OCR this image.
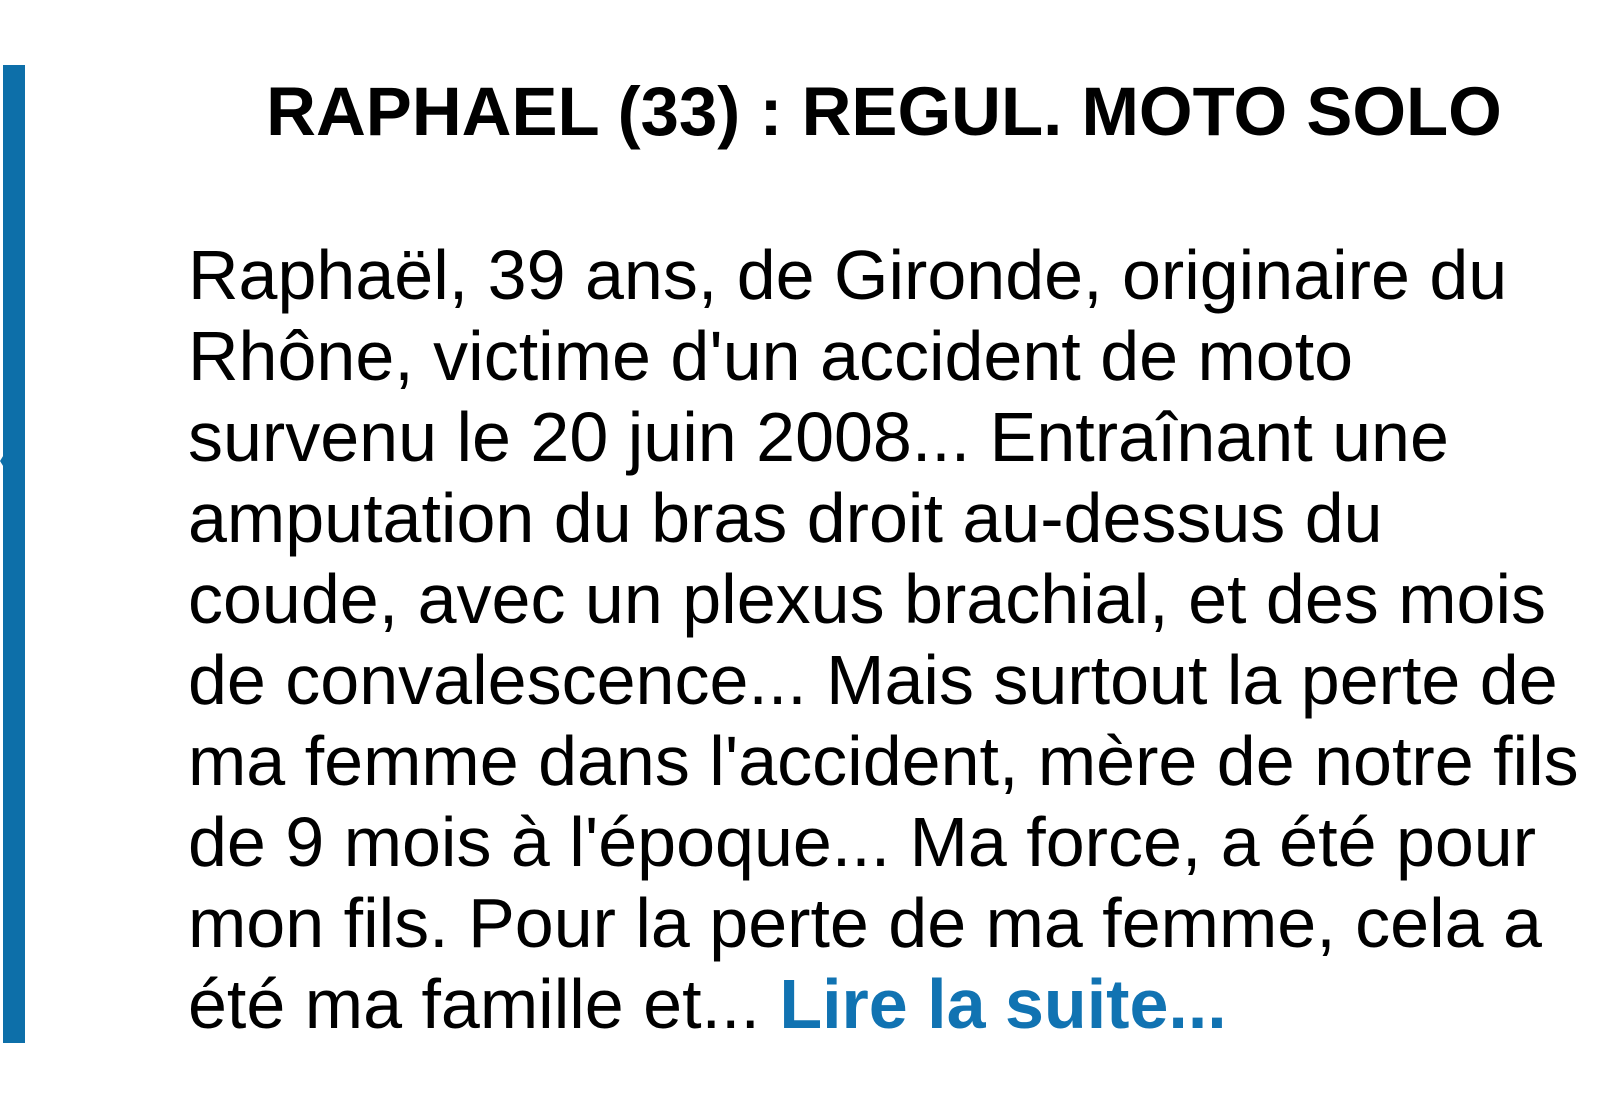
RAPHAEL (33) : REGUL. MOTO SOLO
Raphaël, 39 ans, de Gironde, originaire du
Rhône, victime d'un accident de moto
survenu le 20 juin 2008... Entraînant une
amputation du bras droit au-dessus du
coude, avec un plexus brachial, et des mois
de convalescence... Mais surtout la perte de
ma femme dans l'accident, mère de notre fils
de 9 mois à l'époque... Ma force, a été pour
mon fils. Pour la perte de ma femme, cela a
été ma famille et... Lire la suite...
